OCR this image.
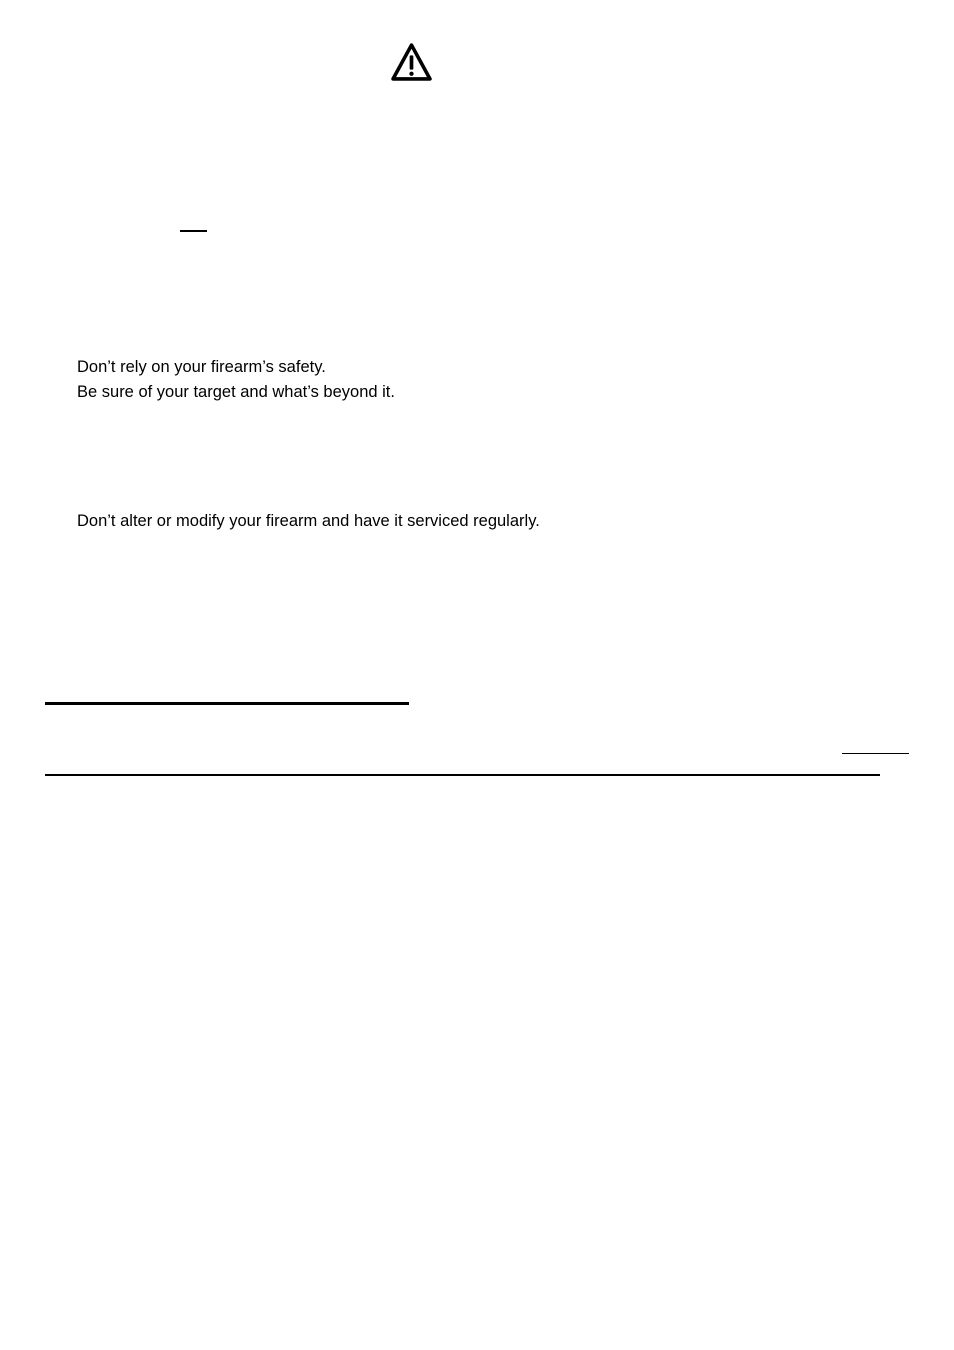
Don’t rely on your firearm’s safety.
Be sure of your target and what’s beyond it.
Don’t alter or modify your firearm and have it serviced regularly.
